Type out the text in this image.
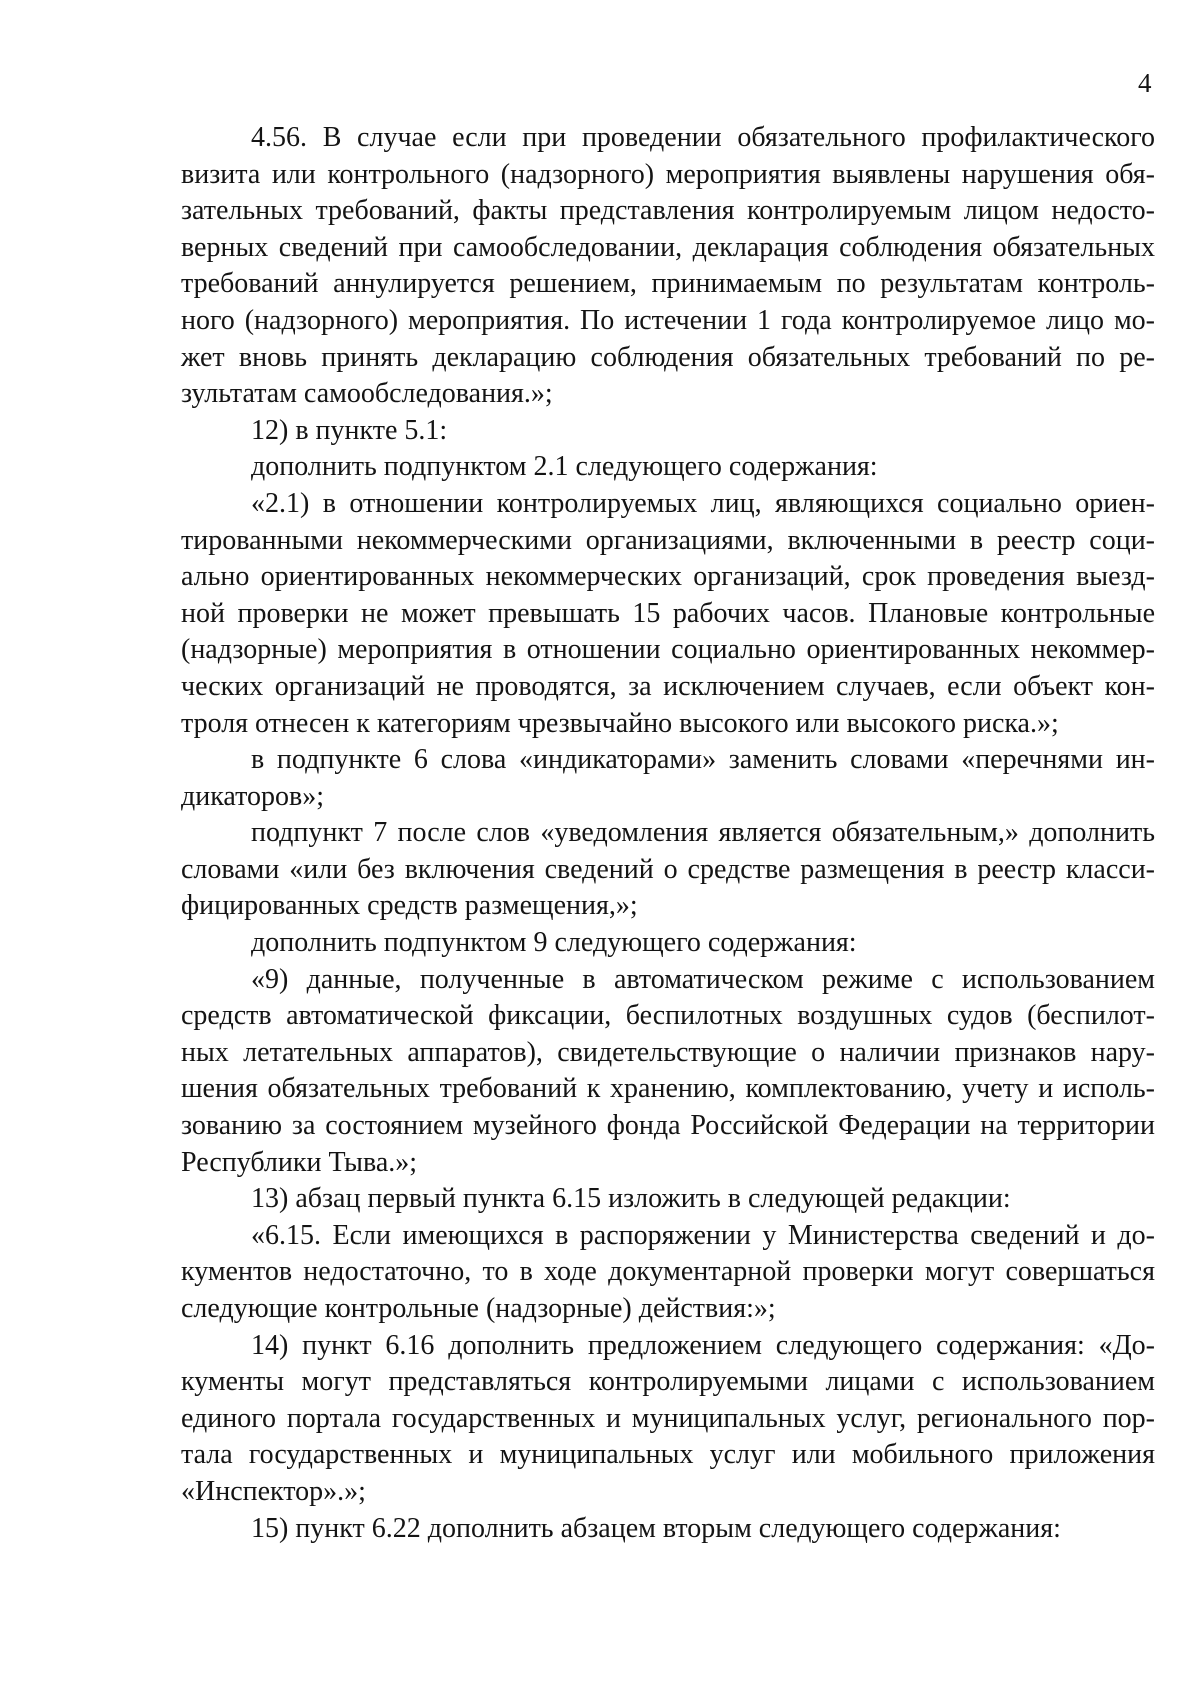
4
4.56. В случае если при проведении обязательного профилактического
визита или контрольного (надзорного) мероприятия выявлены нарушения обя-
зательных требований, факты представления контролируемым лицом недосто-
верных сведений при самообследовании, декларация соблюдения обязательных
требований аннулируется решением, принимаемым по результатам контроль-
ного (надзорного) мероприятия. По истечении 1 года контролируемое лицо мо-
жет вновь принять декларацию соблюдения обязательных требований по ре-
зультатам самообследования.»;
12) в пункте 5.1:
дополнить подпунктом 2.1 следующего содержания:
«2.1) в отношении контролируемых лиц, являющихся социально ориен-
тированными некоммерческими организациями, включенными в реестр соци-
ально ориентированных некоммерческих организаций, срок проведения выезд-
ной проверки не может превышать 15 рабочих часов. Плановые контрольные
(надзорные) мероприятия в отношении социально ориентированных некоммер-
ческих организаций не проводятся, за исключением случаев, если объект кон-
троля отнесен к категориям чрезвычайно высокого или высокого риска.»;
в подпункте 6 слова «индикаторами» заменить словами «перечнями ин-
дикаторов»;
подпункт 7 после слов «уведомления является обязательным,» дополнить
словами «или без включения сведений о средстве размещения в реестр класси-
фицированных средств размещения,»;
дополнить подпунктом 9 следующего содержания:
«9) данные, полученные в автоматическом режиме с использованием
средств автоматической фиксации, беспилотных воздушных судов (беспилот-
ных летательных аппаратов), свидетельствующие о наличии признаков нару-
шения обязательных требований к хранению, комплектованию, учету и исполь-
зованию за состоянием музейного фонда Российской Федерации на территории
Республики Тыва.»;
13) абзац первый пункта 6.15 изложить в следующей редакции:
«6.15. Если имеющихся в распоряжении у Министерства сведений и до-
кументов недостаточно, то в ходе документарной проверки могут совершаться
следующие контрольные (надзорные) действия:»;
14) пункт 6.16 дополнить предложением следующего содержания: «До-
кументы могут представляться контролируемыми лицами с использованием
единого портала государственных и муниципальных услуг, регионального пор-
тала государственных и муниципальных услуг или мобильного приложения
«Инспектор».»;
15) пункт 6.22 дополнить абзацем вторым следующего содержания:
